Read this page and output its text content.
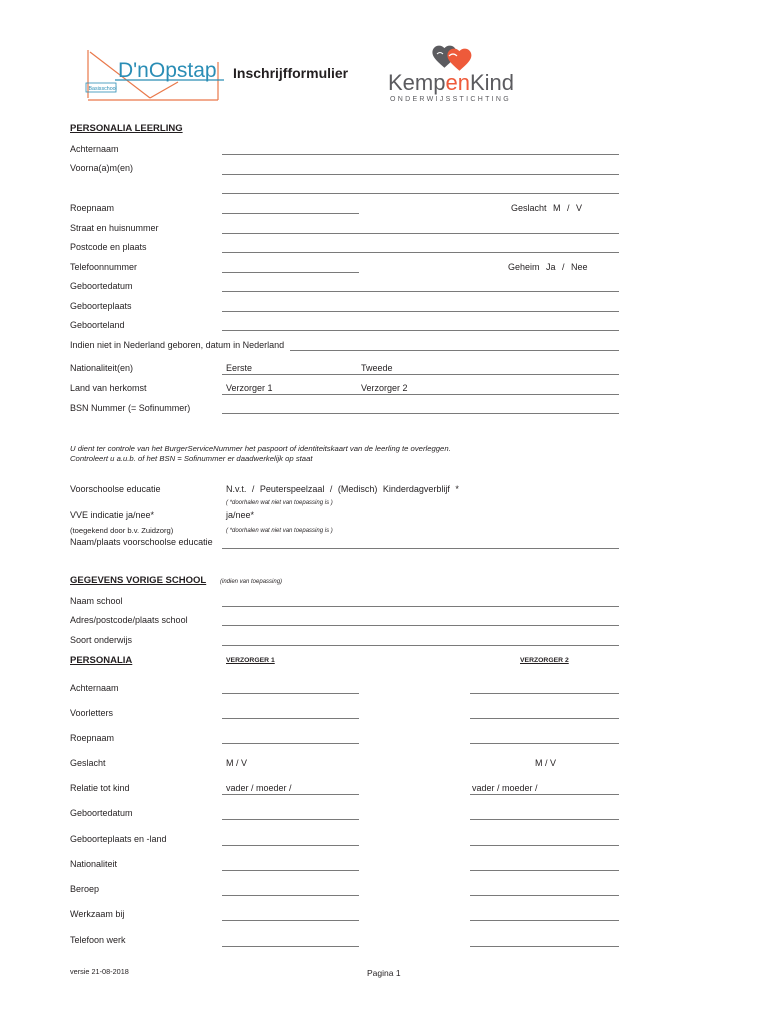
D'nOpstap
Basisschool
Inschrijfformulier KempenKind
ONDERWIJSSTICHTING
PERSONALIA LEERLING
Achternaam
Voorna(a)m(en)
Roepnaam	Geslacht M / V
Straat en huisnummer
Postcode en plaats
Telefoonnummer	Geheim Ja / Nee
Geboortedatum
Geboorteplaats
Geboorteland
Indien niet in Nederland geboren, datum in Nederland
Nationaliteit(en)	Eerste	Tweede
Land van herkomst	Verzorger 1	Verzorger 2
BSN Nummer (= Sofinummer)
U dient ter controle van het BurgerServiceNummer het paspoort of identiteitskaart van de leerling te overleggen.
Controleert u a.u.b. of het BSN = Sofinummer er daadwerkelijk op staat
Voorschoolse educatie	N.v.t. / Peuterspeelzaal / (Medisch) Kinderdagverblijf *
( *doorhalen wat niet van toepassing is )
VVE indicatie ja/nee*	ja/nee*
(toegekend door b.v. Zuidzorg)	( *doorhalen wat niet van toepassing is )
Naam/plaats voorschoolse educatie
GEGEVENS VORIGE SCHOOL (indien van toepassing)
Naam school
Adres/postcode/plaats school
Soort onderwijs
PERSONALIA	VERZORGER 1	VERZORGER 2
Achternaam
Voorletters
Roepnaam
Geslacht	M / V	M / V
Relatie tot kind	vader / moeder /	vader / moeder /
Geboortedatum
Geboorteplaats en -land
Nationaliteit
Beroep
Werkzaam bij
Telefoon werk
versie 21-08-2018	Pagina 1
